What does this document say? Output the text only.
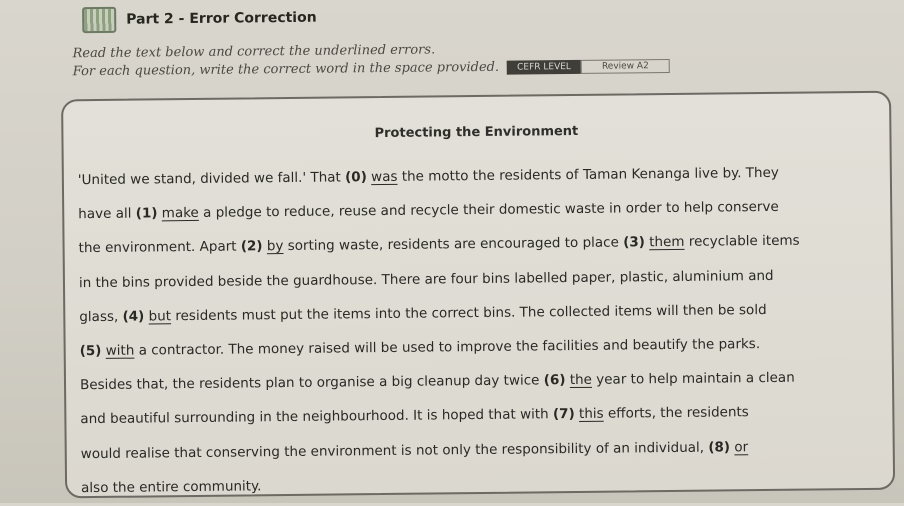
Part 2 - Error Correction

Read the text below and correct the underlined errors.

For each question, write the correct word in the space provided.	CEFR LEVEL	Review A2
Protecting the Environment
'United we stand, divided we fall.' That (0) was the motto the residents of Taman Kenanga live by. They
have all (1) make a pledge to reduce, reuse and recycle their domestic waste in order to help conserve
the environment. Apart (2) by sorting waste, residents are encouraged to place (3) them recyclable items
in the bins provided beside the guardhouse. There are four bins labelled paper, plastic, aluminium and
glass, (4) but residents must put the items into the correct bins. The collected items will then be sold
(5) with a contractor. The money raised will be used to improve the facilities and beautify the parks.
Besides that, the residents plan to organise a big cleanup day twice (6) the year to help maintain a clean
and beautiful surrounding in the neighbourhood. It is hoped that with (7) this efforts, the residents
would realise that conserving the environment is not only the responsibility of an individual, (8) or
also the entire community.
